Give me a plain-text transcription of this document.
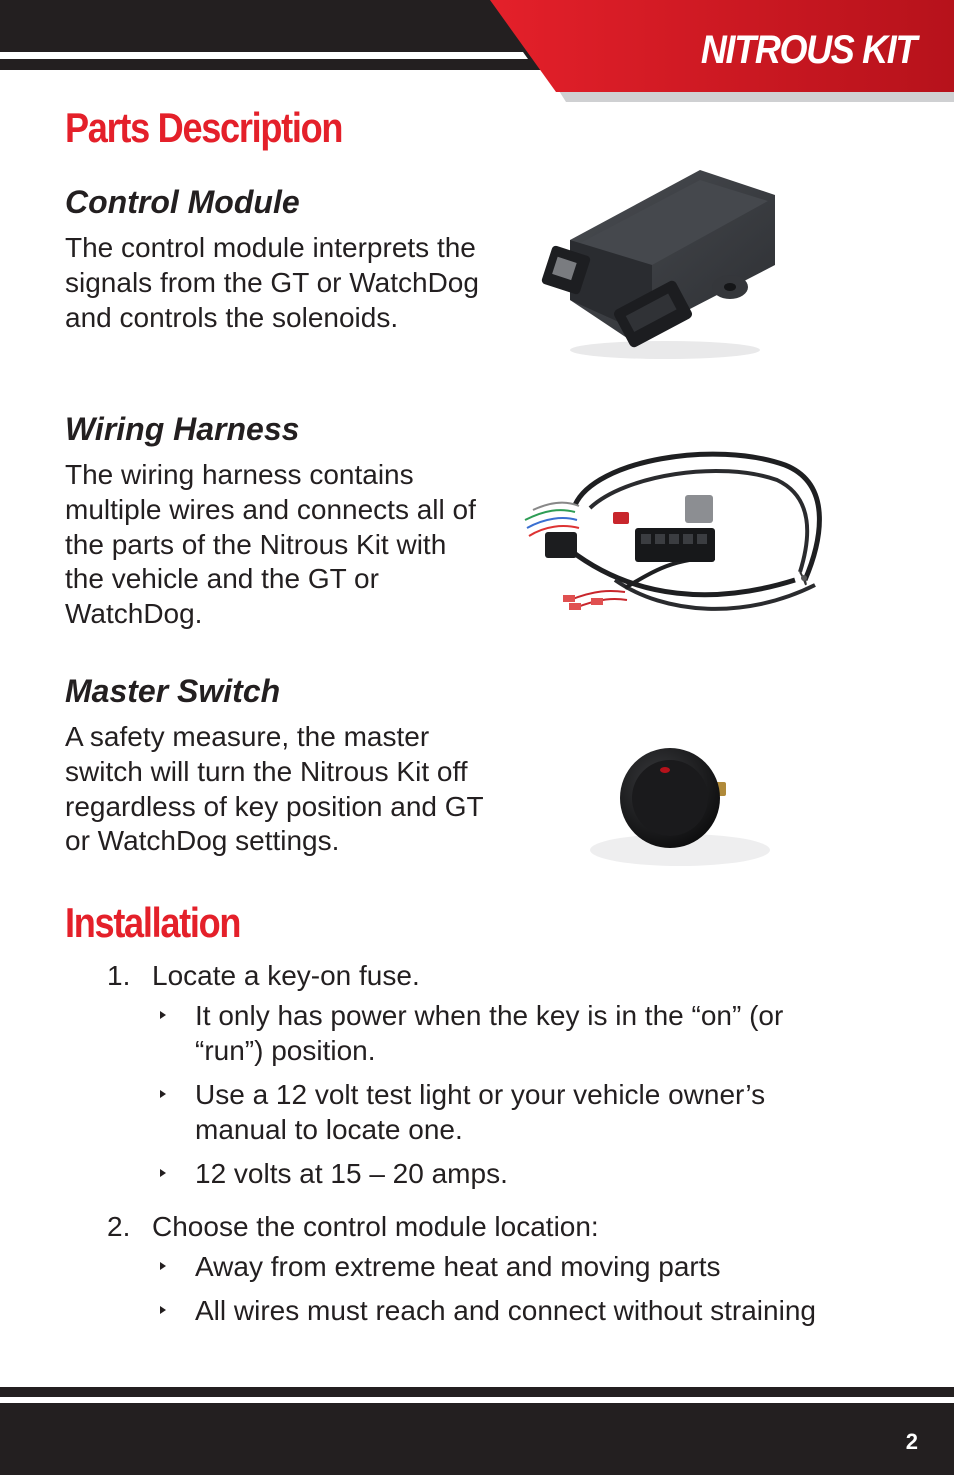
NITROUS KIT
Parts Description
Control Module

The control module interprets the signals from the GT or WatchDog and controls the solenoids.

Wiring Harness

The wiring harness contains multiple wires and connects all of the parts of the Nitrous Kit with the vehicle and the GT or WatchDog.

Master Switch

A safety measure, the master switch will turn the Nitrous Kit off regardless of key position and GT or WatchDog settings.

Installation
1. Locate a key-on fuse.
It only has power when the key is in the “on” (or “run”) position.
Use a 12 volt test light or your vehicle owner’s manual to locate one.
12 volts at 15 – 20 amps.
2. Choose the control module location:
Away from extreme heat and moving parts
All wires must reach and connect without straining
2
